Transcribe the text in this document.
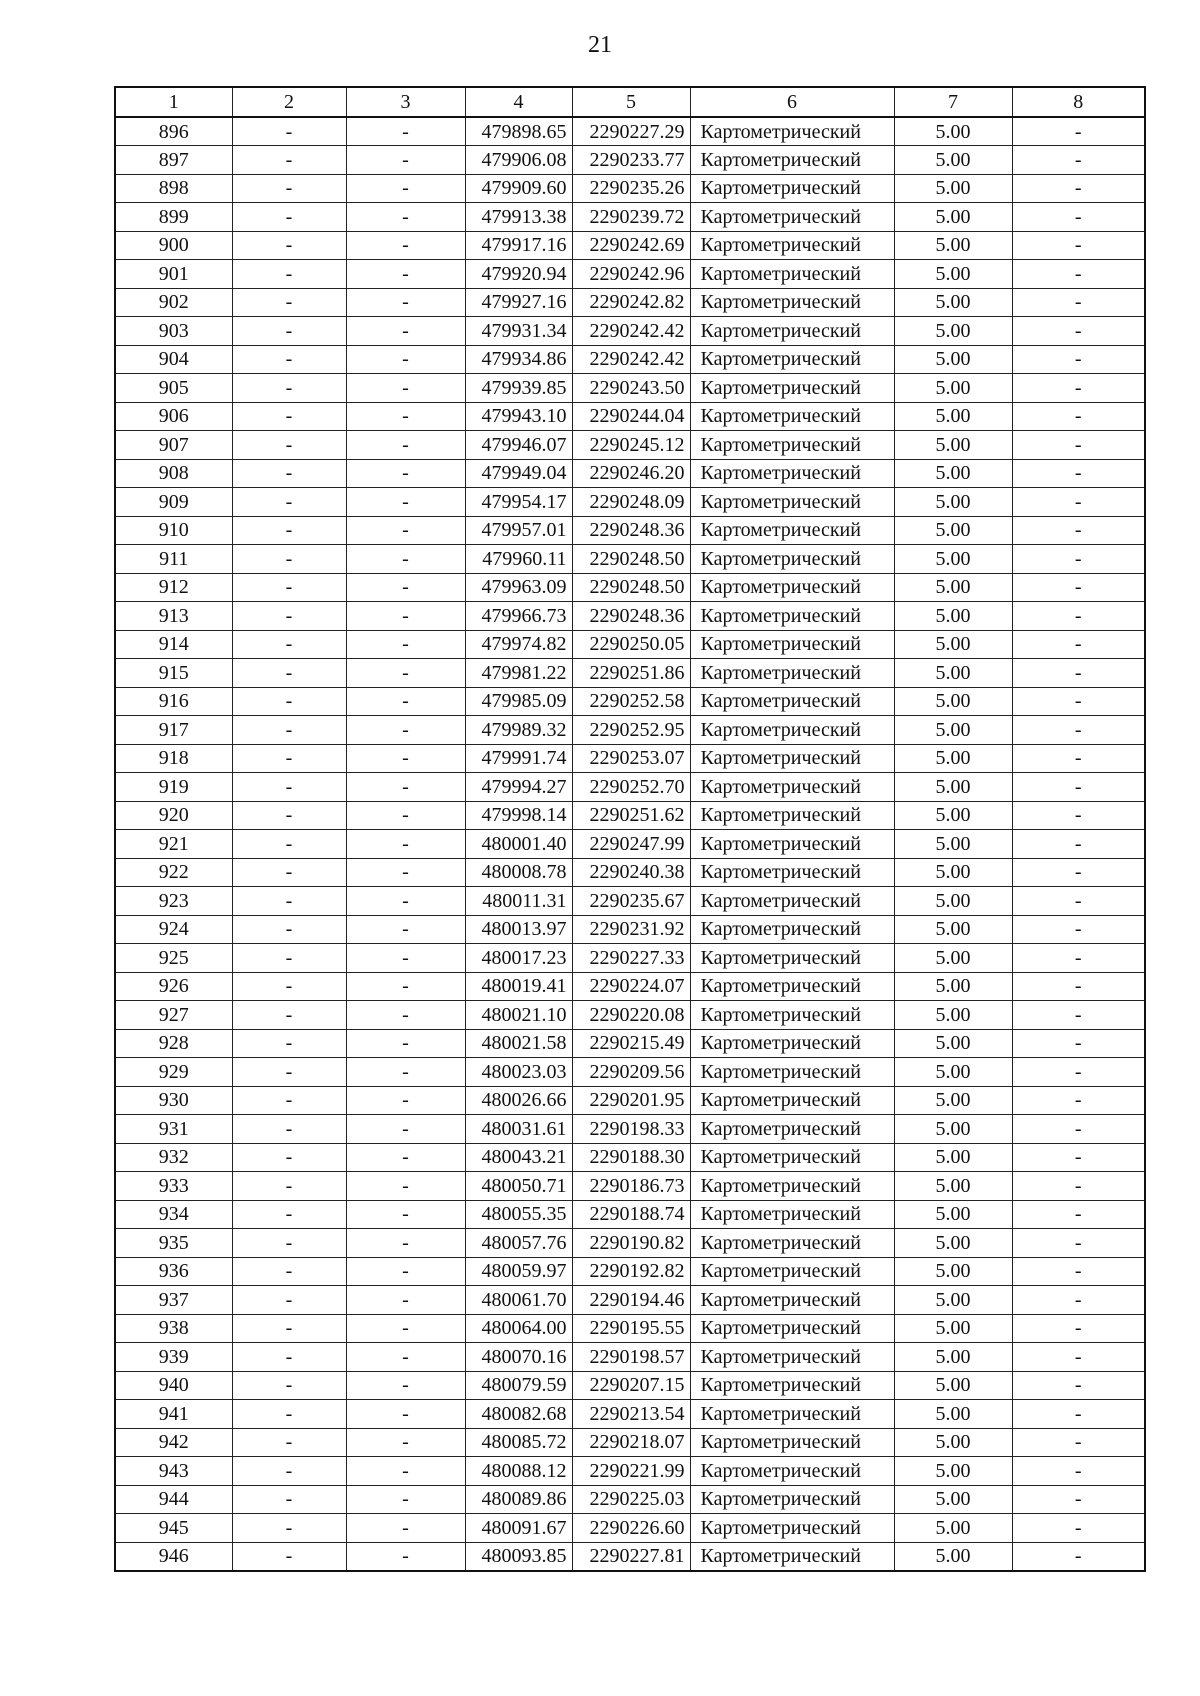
21
1	2	3	4	5	6	7	8
896	-	-	479898.65	2290227.29	Картометрический	5.00	-
897	-	-	479906.08	2290233.77	Картометрический	5.00	-
898	-	-	479909.60	2290235.26	Картометрический	5.00	-
899	-	-	479913.38	2290239.72	Картометрический	5.00	-
900	-	-	479917.16	2290242.69	Картометрический	5.00	-
901	-	-	479920.94	2290242.96	Картометрический	5.00	-
902	-	-	479927.16	2290242.82	Картометрический	5.00	-
903	-	-	479931.34	2290242.42	Картометрический	5.00	-
904	-	-	479934.86	2290242.42	Картометрический	5.00	-
905	-	-	479939.85	2290243.50	Картометрический	5.00	-
906	-	-	479943.10	2290244.04	Картометрический	5.00	-
907	-	-	479946.07	2290245.12	Картометрический	5.00	-
908	-	-	479949.04	2290246.20	Картометрический	5.00	-
909	-	-	479954.17	2290248.09	Картометрический	5.00	-
910	-	-	479957.01	2290248.36	Картометрический	5.00	-
911	-	-	479960.11	2290248.50	Картометрический	5.00	-
912	-	-	479963.09	2290248.50	Картометрический	5.00	-
913	-	-	479966.73	2290248.36	Картометрический	5.00	-
914	-	-	479974.82	2290250.05	Картометрический	5.00	-
915	-	-	479981.22	2290251.86	Картометрический	5.00	-
916	-	-	479985.09	2290252.58	Картометрический	5.00	-
917	-	-	479989.32	2290252.95	Картометрический	5.00	-
918	-	-	479991.74	2290253.07	Картометрический	5.00	-
919	-	-	479994.27	2290252.70	Картометрический	5.00	-
920	-	-	479998.14	2290251.62	Картометрический	5.00	-
921	-	-	480001.40	2290247.99	Картометрический	5.00	-
922	-	-	480008.78	2290240.38	Картометрический	5.00	-
923	-	-	480011.31	2290235.67	Картометрический	5.00	-
924	-	-	480013.97	2290231.92	Картометрический	5.00	-
925	-	-	480017.23	2290227.33	Картометрический	5.00	-
926	-	-	480019.41	2290224.07	Картометрический	5.00	-
927	-	-	480021.10	2290220.08	Картометрический	5.00	-
928	-	-	480021.58	2290215.49	Картометрический	5.00	-
929	-	-	480023.03	2290209.56	Картометрический	5.00	-
930	-	-	480026.66	2290201.95	Картометрический	5.00	-
931	-	-	480031.61	2290198.33	Картометрический	5.00	-
932	-	-	480043.21	2290188.30	Картометрический	5.00	-
933	-	-	480050.71	2290186.73	Картометрический	5.00	-
934	-	-	480055.35	2290188.74	Картометрический	5.00	-
935	-	-	480057.76	2290190.82	Картометрический	5.00	-
936	-	-	480059.97	2290192.82	Картометрический	5.00	-
937	-	-	480061.70	2290194.46	Картометрический	5.00	-
938	-	-	480064.00	2290195.55	Картометрический	5.00	-
939	-	-	480070.16	2290198.57	Картометрический	5.00	-
940	-	-	480079.59	2290207.15	Картометрический	5.00	-
941	-	-	480082.68	2290213.54	Картометрический	5.00	-
942	-	-	480085.72	2290218.07	Картометрический	5.00	-
943	-	-	480088.12	2290221.99	Картометрический	5.00	-
944	-	-	480089.86	2290225.03	Картометрический	5.00	-
945	-	-	480091.67	2290226.60	Картометрический	5.00	-
946	-	-	480093.85	2290227.81	Картометрический	5.00	-
